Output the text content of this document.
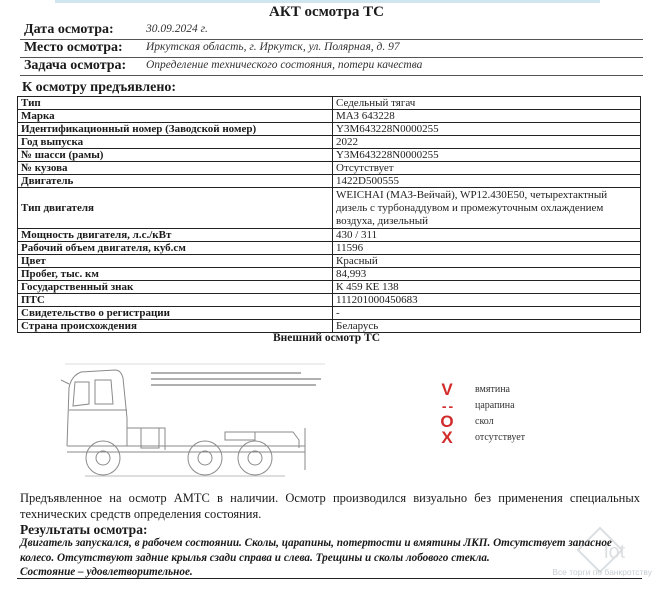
АКТ осмотра ТС
Дата осмотра:	30.09.2024 г.
Место осмотра: Иркутская область, г. Иркутск, ул. Полярная, д. 97
Задача осмотра: Определение технического состояния, потери качества
К осмотру предъявлено:
Тип	Седельный тягач
Марка	МАЗ 643228
Идентификационный номер (Заводской номер)	Y3M643228N0000255
Год выпуска	2022
№ шасси (рамы)	Y3M643228N0000255
№ кузова	Отсутствует
Двигатель	1422D500555
Тип двигателя	WEICHAI (МАЗ-Вейчай), WP12.430E50, четырехтактный дизель с турбонаддувом и промежуточным охлаждением воздуха, дизельный
Мощность двигателя, л.с./кВт	430 / 311
Рабочий объем двигателя, куб.см	11596
Цвет	Красный
Пробег, тыс. км	84,993
Государственный знак	К 459 КЕ 138
ПТС	111201000450683
Свидетельство о регистрации	-
Страна происхождения	Беларусь
Внешний осмотр ТС
V	вмятина
- -	царапина
O	скол
X	отсутствует
Предъявленное на осмотр АМТС в наличии. Осмотр производился визуально без применения специальных технических средств определения состояния.
Результаты осмотра:
Двигатель запускался, в рабочем состоянии. Сколы, царапины, потертости и вмятины ЛКП. Отсутствует запасное колесо. Отсутствуют задние крылья сзади справа и слева. Трещины и сколы лобового стекла.
Состояние – удовлетворительное.
lot
Все торги по банкротству
